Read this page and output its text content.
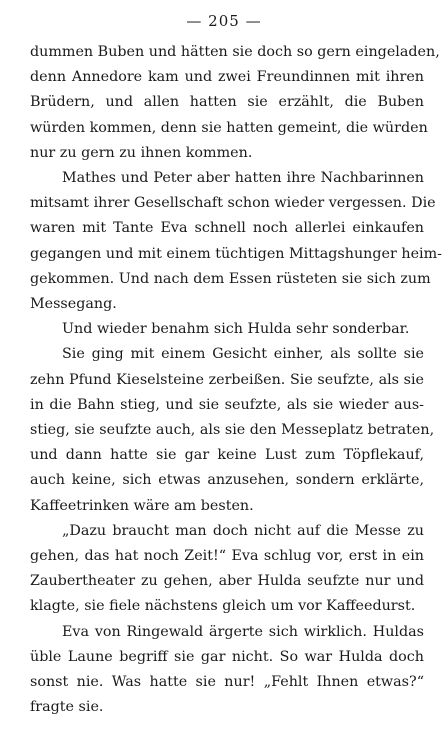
— 205 —
dummen Buben und hätten sie doch so gern eingeladen,
denn Annedore kam und zwei Freundinnen mit ihren
Brüdern, und allen hatten sie erzählt, die Buben
würden kommen, denn sie hatten gemeint, die würden
nur zu gern zu ihnen kommen.
Mathes und Peter aber hatten ihre Nachbarinnen
mitsamt ihrer Gesellschaft schon wieder vergessen. Die
waren mit Tante Eva schnell noch allerlei einkaufen
gegangen und mit einem tüchtigen Mittagshunger heim-
gekommen. Und nach dem Essen rüsteten sie sich zum
Messegang.
Und wieder benahm sich Hulda sehr sonderbar.
Sie ging mit einem Gesicht einher, als sollte sie
zehn Pfund Kieselsteine zerbeißen. Sie seufzte, als sie
in die Bahn stieg, und sie seufzte, als sie wieder aus-
stieg, sie seufzte auch, als sie den Messeplatz betraten,
und dann hatte sie gar keine Lust zum Töpflekauf,
auch keine, sich etwas anzusehen, sondern erklärte,
Kaffeetrinken wäre am besten.
„Dazu braucht man doch nicht auf die Messe zu
gehen, das hat noch Zeit!“ Eva schlug vor, erst in ein
Zaubertheater zu gehen, aber Hulda seufzte nur und
klagte, sie fiele nächstens gleich um vor Kaffeedurst.
Eva von Ringewald ärgerte sich wirklich. Huldas
üble Laune begriff sie gar nicht. So war Hulda doch
sonst nie. Was hatte sie nur! „Fehlt Ihnen etwas?“
fragte sie.
